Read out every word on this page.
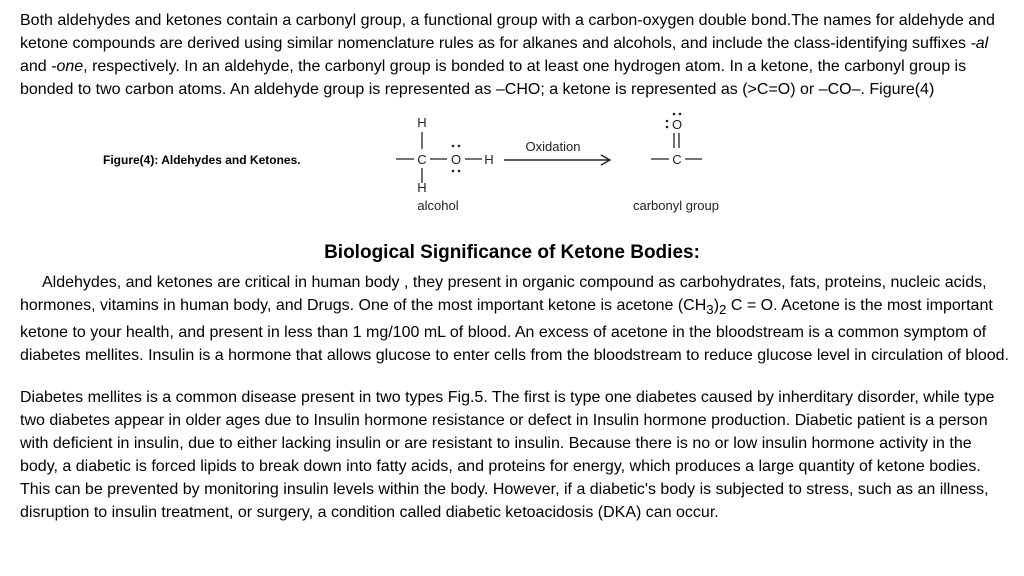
Both aldehydes and ketones contain a carbonyl group, a functional group with a carbon-oxygen double bond.The names for aldehyde and ketone compounds are derived using similar nomenclature rules as for alkanes and alcohols, and include the class-identifying suffixes -al and -one, respectively. In an aldehyde, the carbonyl group is bonded to at least one hydrogen atom. In a ketone, the carbonyl group is bonded to two carbon atoms. An aldehyde group is represented as –CHO; a ketone is represented as (>C=O) or –CO–. Figure(4)
Figure(4): Aldehydes and Ketones.
H
C O H
H
Oxidation
O
C
alcohol	carbonyl group
Biological Significance of Ketone Bodies:
Aldehydes, and ketones are critical in human body , they present in organic compound as carbohydrates, fats, proteins, nucleic acids, hormones, vitamins in human body, and Drugs. One of the most important ketone is acetone $(CH_3)_2$ C = O. Acetone is the most important ketone to your health, and present in less than 1 mg/100 mL of blood. An excess of acetone in the bloodstream is a common symptom of diabetes mellites. Insulin is a hormone that allows glucose to enter cells from the bloodstream to reduce glucose level in circulation of blood.
Diabetes mellites is a common disease present in two types Fig.5. The first is type one diabetes caused by inherditary disorder, while type two diabetes appear in older ages due to Insulin hormone resistance or defect in Insulin hormone production. Diabetic patient is a person with deficient in insulin, due to either lacking insulin or are resistant to insulin. Because there is no or low insulin hormone activity in the body, a diabetic is forced lipids to break down into fatty acids, and proteins for energy, which produces a large quantity of ketone bodies. This can be prevented by monitoring insulin levels within the body. However, if a diabetic's body is subjected to stress, such as an illness, disruption to insulin treatment, or surgery, a condition called diabetic ketoacidosis (DKA) can occur.
